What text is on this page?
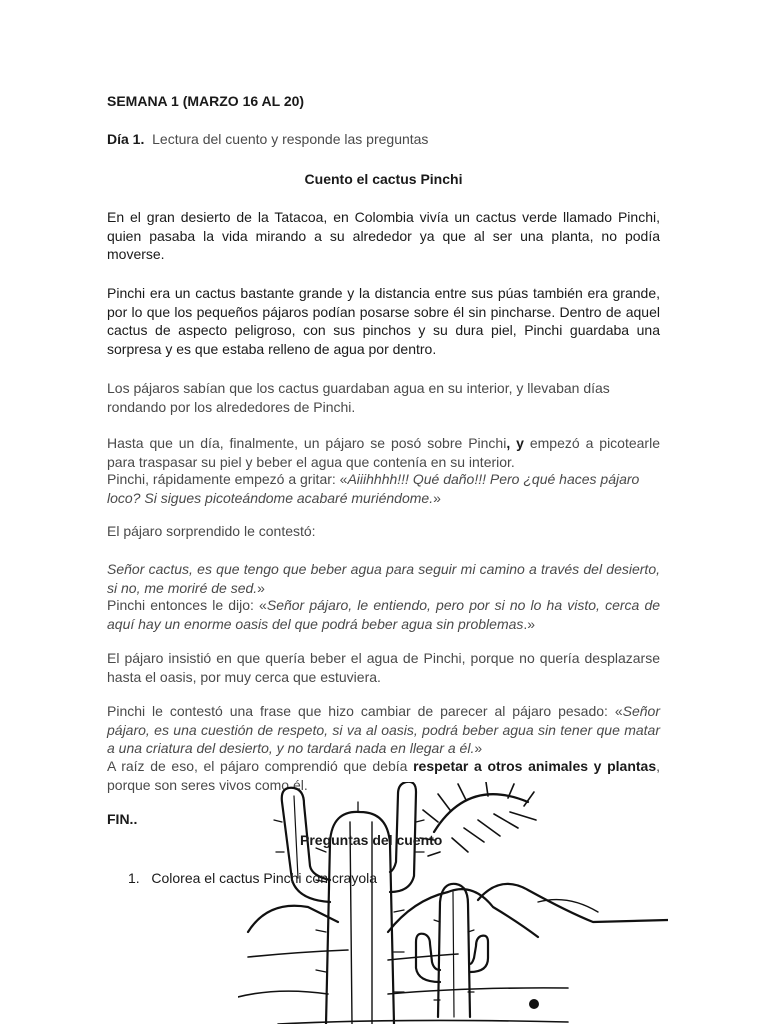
SEMANA 1 (MARZO 16 AL 20)

Día 1. Lectura del cuento y responde las preguntas

Cuento el cactus Pinchi

En el gran desierto de la Tatacoa, en Colombia vivía un cactus verde llamado Pinchi, quien pasaba la vida mirando a su alrededor ya que al ser una planta, no podía moverse.

Pinchi era un cactus bastante grande y la distancia entre sus púas también era grande, por lo que los pequeños pájaros podían posarse sobre él sin pincharse. Dentro de aquel cactus de aspecto peligroso, con sus pinchos y su dura piel, Pinchi guardaba una sorpresa y es que estaba relleno de agua por dentro.

Los pájaros sabían que los cactus guardaban agua en su interior, y llevaban días rondando por los alrededores de Pinchi.

Hasta que un día, finalmente, un pájaro se posó sobre Pinchi, y empezó a picotearle para traspasar su piel y beber el agua que contenía en su interior.

Pinchi, rápidamente empezó a gritar: «Aiiihhhh!!! Qué daño!!! Pero ¿qué haces pájaro loco? Si sigues picoteándome acabaré muriéndome.»

El pájaro sorprendido le contestó:

Señor cactus, es que tengo que beber agua para seguir mi camino a través del desierto, si no, me moriré de sed.»

Pinchi entonces le dijo: «Señor pájaro, le entiendo, pero por si no lo ha visto, cerca de aquí hay un enorme oasis del que podrá beber agua sin problemas.»

El pájaro insistió en que quería beber el agua de Pinchi, porque no quería desplazarse hasta el oasis, por muy cerca que estuviera.

Pinchi le contestó una frase que hizo cambiar de parecer al pájaro pesado: «Señor pájaro, es una cuestión de respeto, si va al oasis, podrá beber agua sin tener que matar a una criatura del desierto, y no tardará nada en llegar a él.»

A raíz de eso, el pájaro comprendió que debía respetar a otros animales y plantas, porque son seres vivos como él.

FIN..

Preguntas del cuento

1. Colorea el cactus Pinchi con crayola
